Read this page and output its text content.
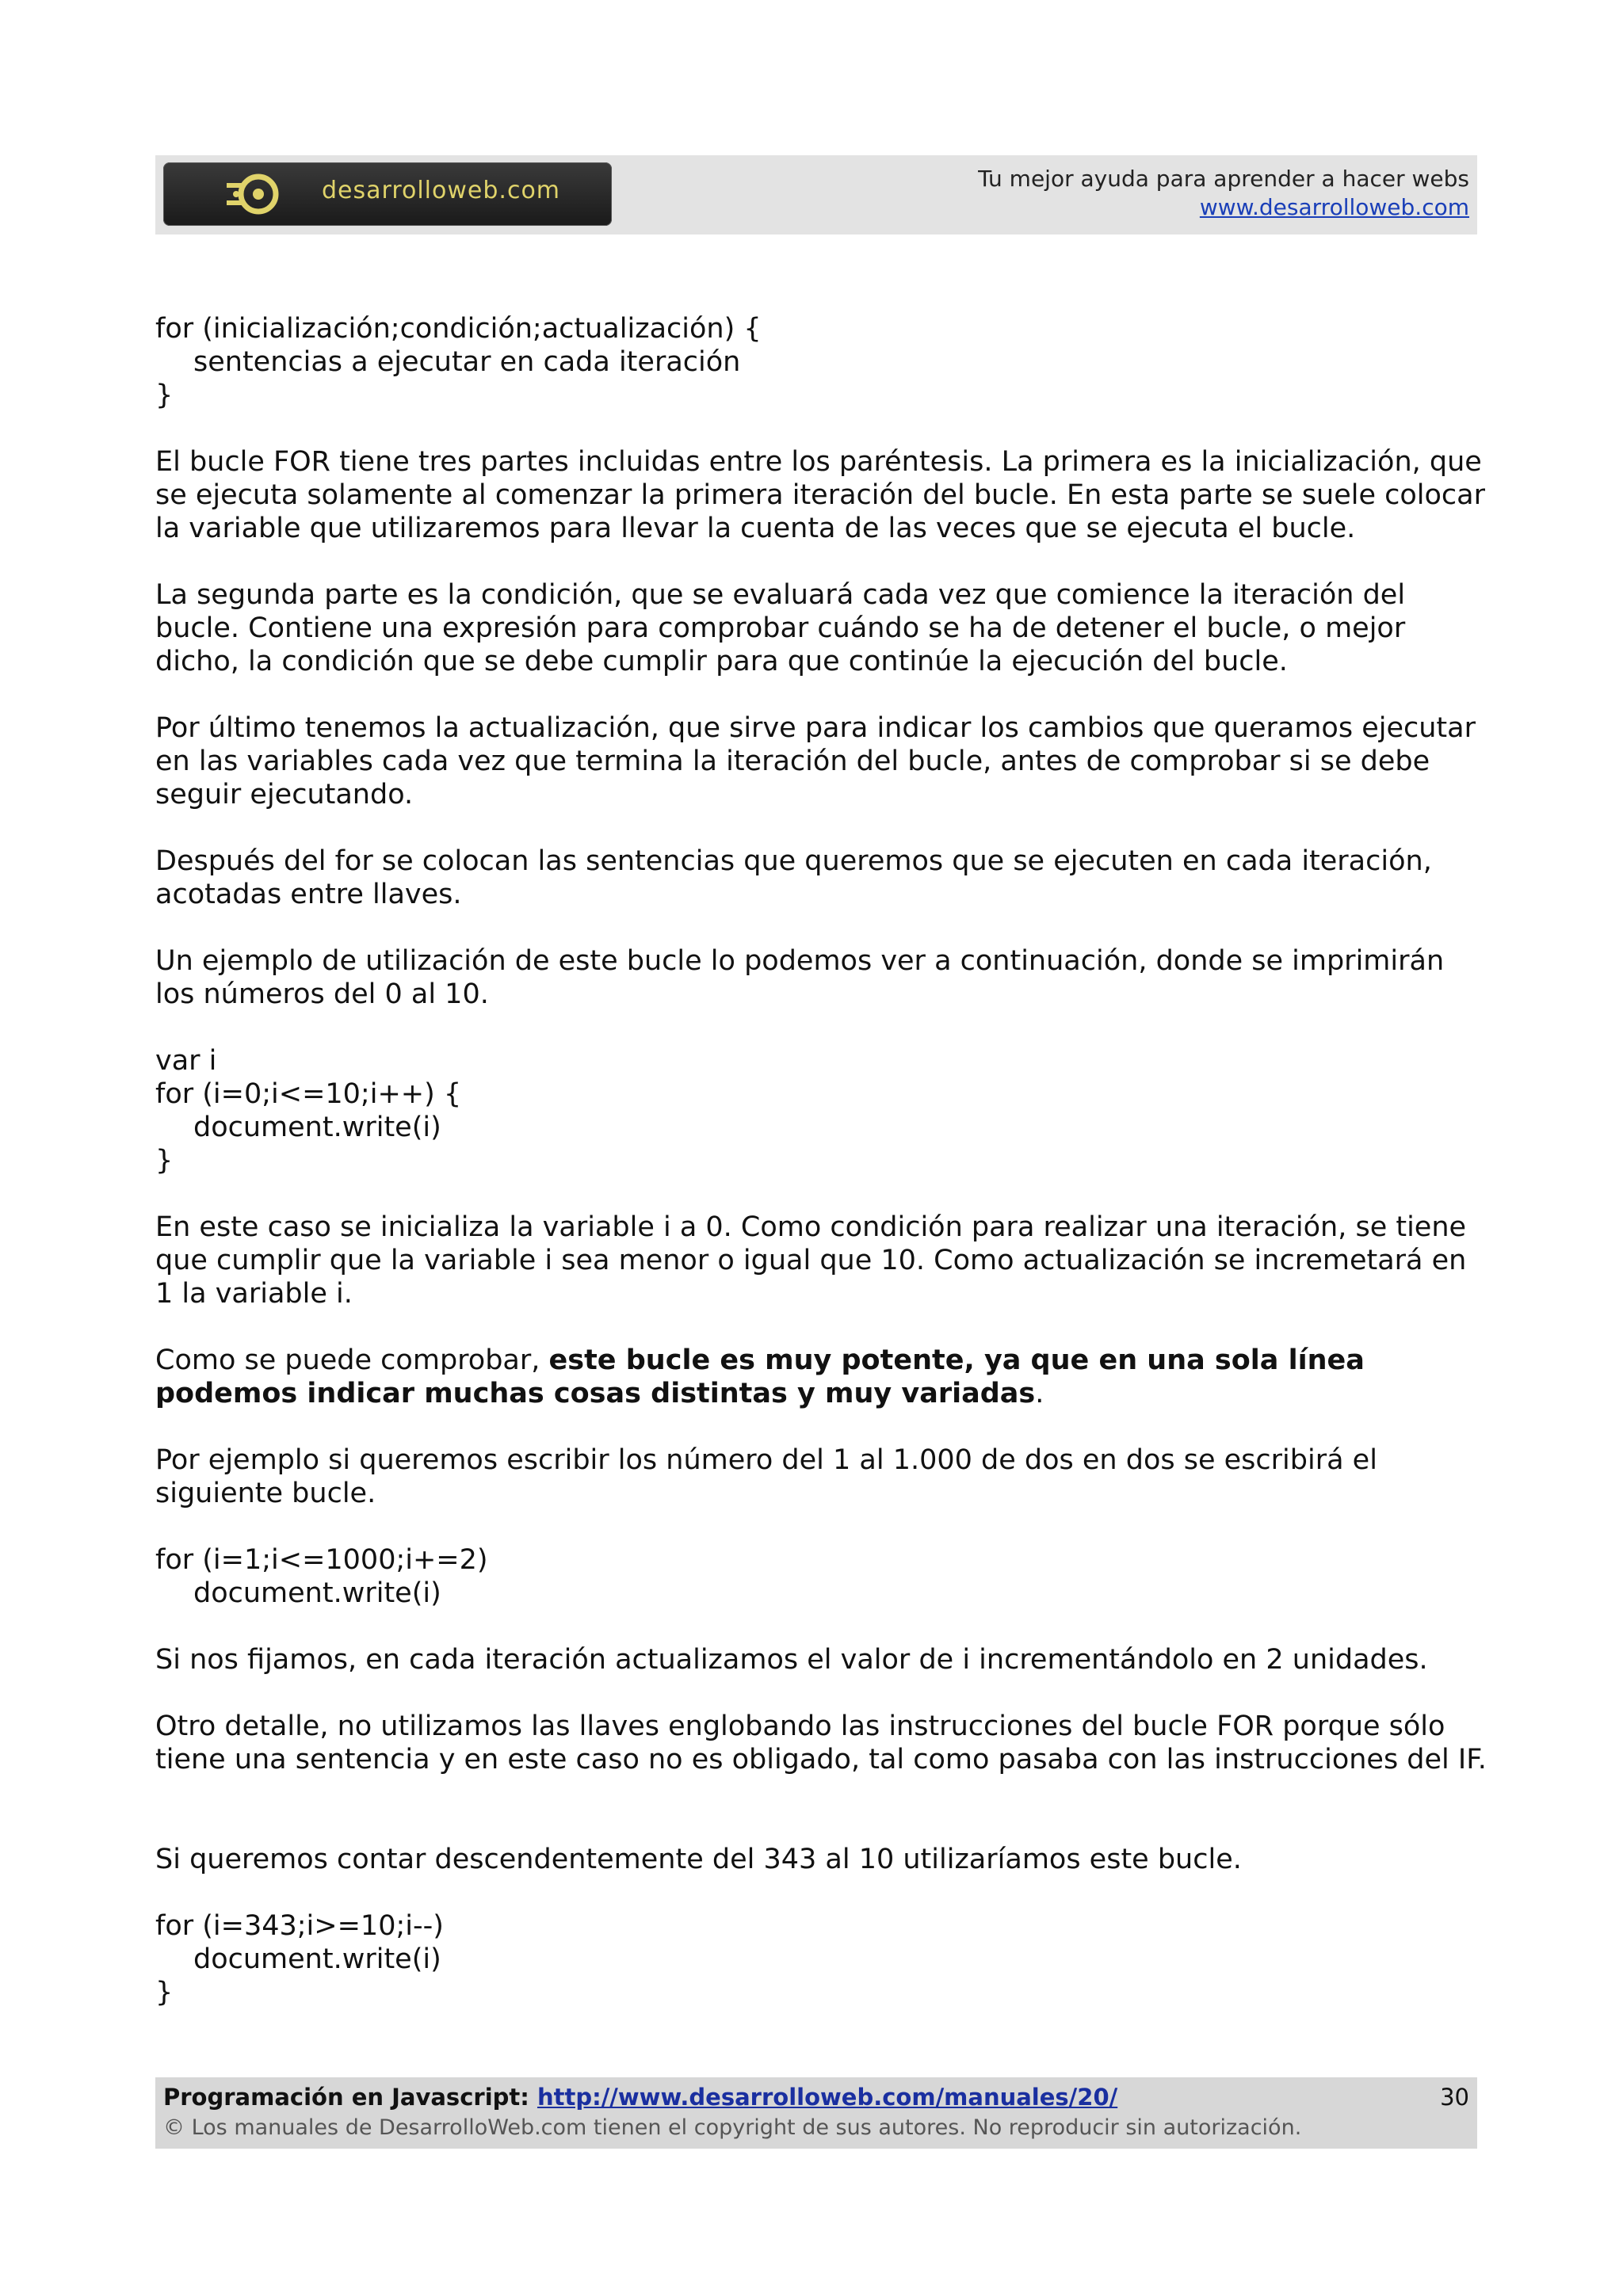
desarrolloweb.com	Tu mejor ayuda para aprender a hacer webs
www.desarrolloweb.com
for (inicialización;condición;actualización) {
sentencias a ejecutar en cada iteración
}

El bucle FOR tiene tres partes incluidas entre los paréntesis. La primera es la inicialización, que
se ejecuta solamente al comenzar la primera iteración del bucle. En esta parte se suele colocar
la variable que utilizaremos para llevar la cuenta de las veces que se ejecuta el bucle.

La segunda parte es la condición, que se evaluará cada vez que comience la iteración del
bucle. Contiene una expresión para comprobar cuándo se ha de detener el bucle, o mejor
dicho, la condición que se debe cumplir para que continúe la ejecución del bucle.

Por último tenemos la actualización, que sirve para indicar los cambios que queramos ejecutar
en las variables cada vez que termina la iteración del bucle, antes de comprobar si se debe
seguir ejecutando.

Después del for se colocan las sentencias que queremos que se ejecuten en cada iteración,
acotadas entre llaves.

Un ejemplo de utilización de este bucle lo podemos ver a continuación, donde se imprimirán
los números del 0 al 10.

var i
for (i=0;i<=10;i++) {
document.write(i)
}

En este caso se inicializa la variable i a 0. Como condición para realizar una iteración, se tiene
que cumplir que la variable i sea menor o igual que 10. Como actualización se incremetará en
1 la variable i.

Como se puede comprobar, este bucle es muy potente, ya que en una sola línea
podemos indicar muchas cosas distintas y muy variadas.

Por ejemplo si queremos escribir los número del 1 al 1.000 de dos en dos se escribirá el
siguiente bucle.

for (i=1;i<=1000;i+=2)
document.write(i)

Si nos fijamos, en cada iteración actualizamos el valor de i incrementándolo en 2 unidades.

Otro detalle, no utilizamos las llaves englobando las instrucciones del bucle FOR porque sólo
tiene una sentencia y en este caso no es obligado, tal como pasaba con las instrucciones del IF.

Si queremos contar descendentemente del 343 al 10 utilizaríamos este bucle.

for (i=343;i>=10;i--)
document.write(i)
}
Programación en Javascript: http://www.desarrolloweb.com/manuales/20/	30
© Los manuales de DesarrolloWeb.com tienen el copyright de sus autores. No reproducir sin autorización.
